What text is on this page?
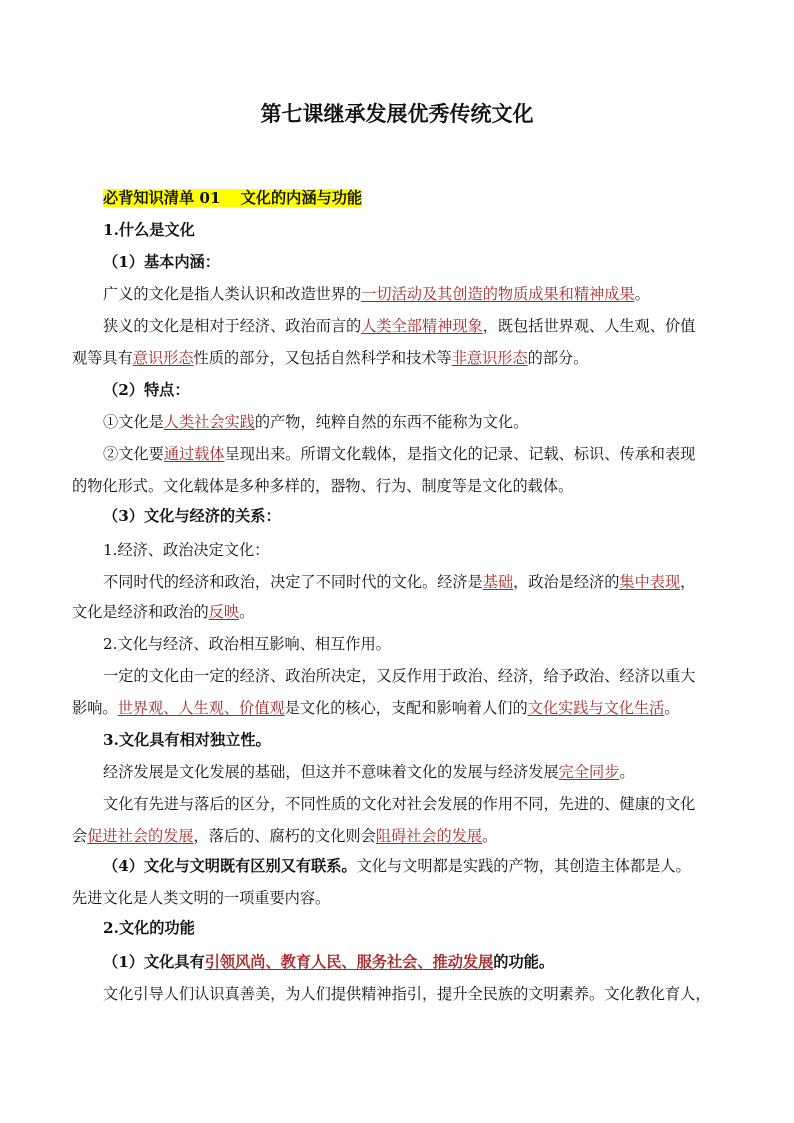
第七课继承发展优秀传统文化
必背知识清单 01 文化的内涵与功能
1.什么是文化
（1）基本内涵：
广义的文化是指人类认识和改造世界的一切活动及其创造的物质成果和精神成果。
狭义的文化是相对于经济、政治而言的人类全部精神现象，既包括世界观、人生观、价值
观等具有意识形态性质的部分，又包括自然科学和技术等非意识形态的部分。
（2）特点：
①文化是人类社会实践的产物，纯粹自然的东西不能称为文化。
②文化要通过载体呈现出来。所谓文化载体，是指文化的记录、记载、标识、传承和表现
的物化形式。文化载体是多种多样的，器物、行为、制度等是文化的载体。
（3）文化与经济的关系：
1.经济、政治决定文化：
不同时代的经济和政治，决定了不同时代的文化。经济是基础，政治是经济的集中表现，
文化是经济和政治的反映。
2.文化与经济、政治相互影响、相互作用。
一定的文化由一定的经济、政治所决定，又反作用于政治、经济，给予政治、经济以重大
影响。世界观、人生观、价值观是文化的核心，支配和影响着人们的文化实践与文化生活。
3.文化具有相对独立性。
经济发展是文化发展的基础，但这并不意味着文化的发展与经济发展完全同步。
文化有先进与落后的区分，不同性质的文化对社会发展的作用不同，先进的、健康的文化
会促进社会的发展，落后的、腐朽的文化则会阻碍社会的发展。
（4）文化与文明既有区别又有联系。文化与文明都是实践的产物，其创造主体都是人。
先进文化是人类文明的一项重要内容。
2.文化的功能
（1）文化具有引领风尚、教育人民、服务社会、推动发展的功能。
文化引导人们认识真善美，为人们提供精神指引，提升全民族的文明素养。文化教化育人，
